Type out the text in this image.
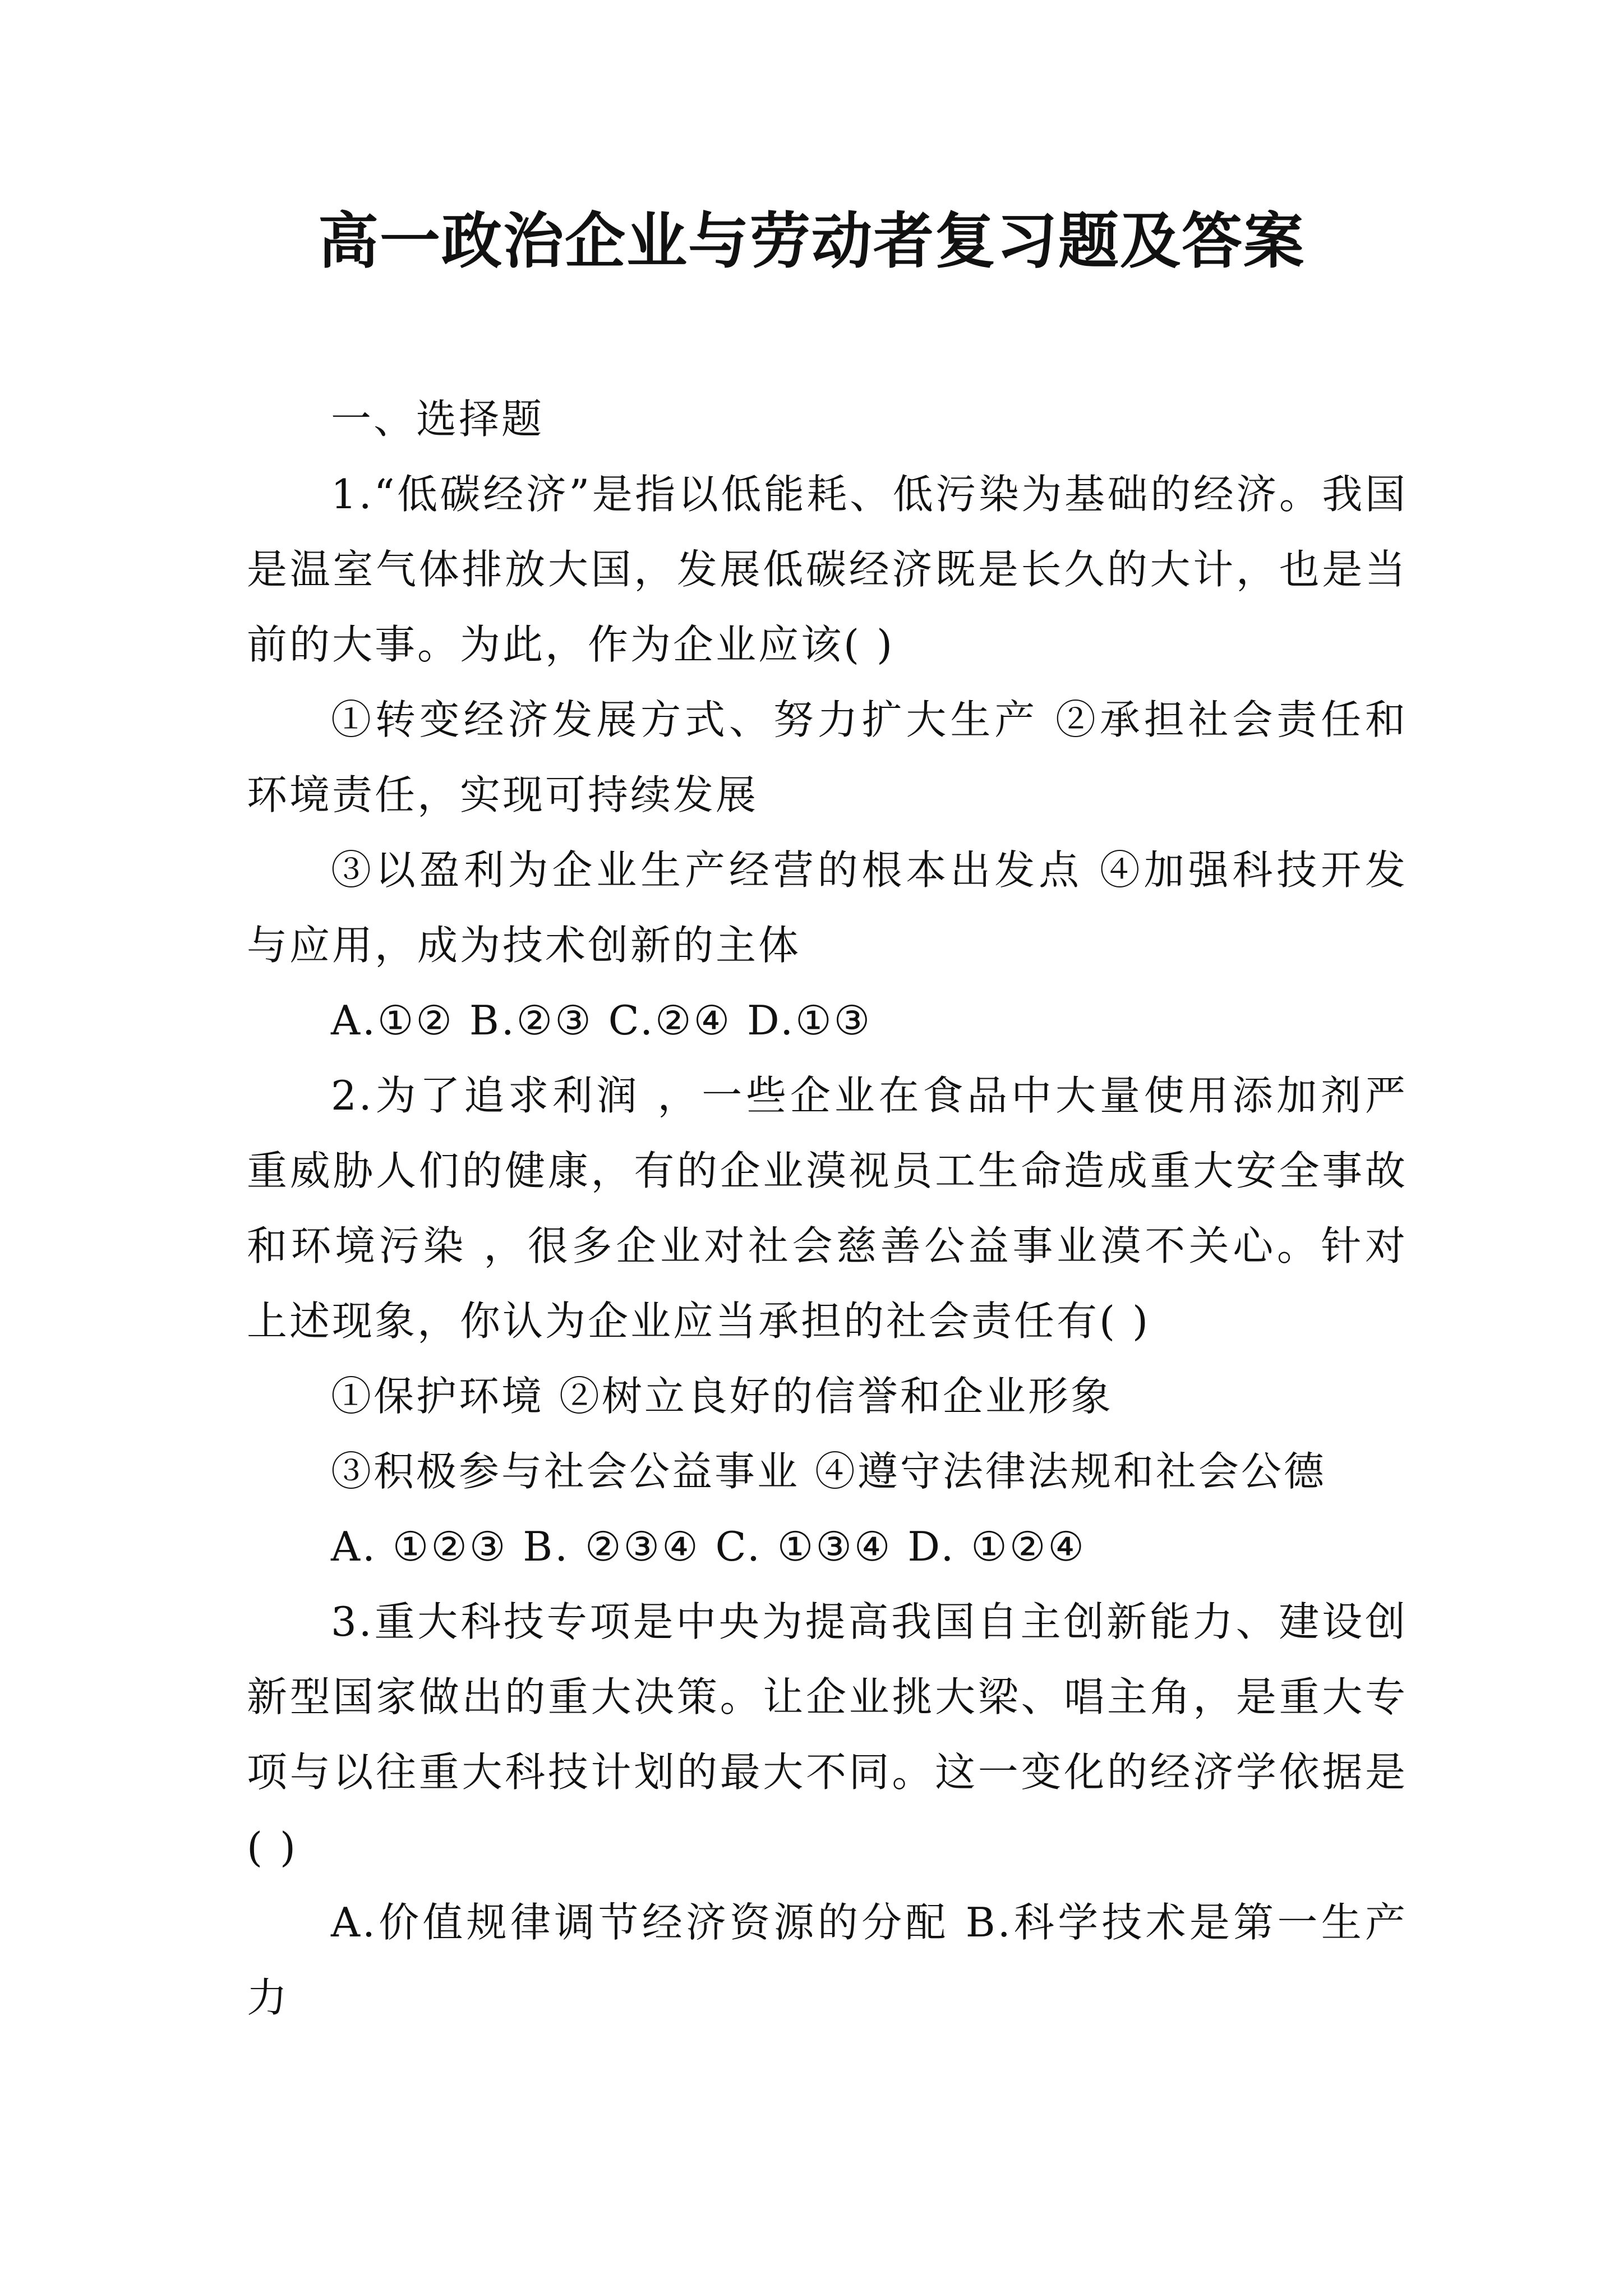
高一政治企业与劳动者复习题及答案

一、选择题

1.“低碳经济”是指以低能耗、低污染为基础的经济。我国是温室气体排放大国，发展低碳经济既是长久的大计，也是当前的大事。为此，作为企业应该( )

①转变经济发展方式、努力扩大生产 ②承担社会责任和环境责任，实现可持续发展

③以盈利为企业生产经营的根本出发点 ④加强科技开发与应用，成为技术创新的主体

A.①② B.②③ C.②④ D.①③

2.为了追求利润 ，一些企业在食品中大量使用添加剂严重威胁人们的健康，有的企业漠视员工生命造成重大安全事故和环境污染 ，很多企业对社会慈善公益事业漠不关心。针对上述现象，你认为企业应当承担的社会责任有( )

①保护环境 ②树立良好的信誉和企业形象

③积极参与社会公益事业 ④遵守法律法规和社会公德

A. ①②③ B. ②③④ C. ①③④ D. ①②④

3.重大科技专项是中央为提高我国自主创新能力、建设创新型国家做出的重大决策。让企业挑大梁、唱主角，是重大专项与以往重大科技计划的最大不同。这一变化的经济学依据是( )

A.价值规律调节经济资源的分配 B.科学技术是第一生产力
